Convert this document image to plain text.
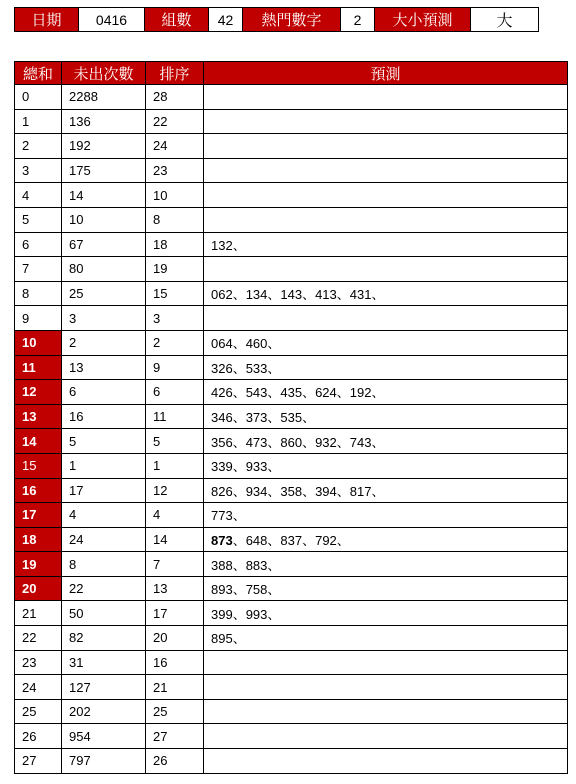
日期	0416	組數	42	熱門數字	2	大小預測	大
總和	未出次數	排序	預測
0	2288	28	
1	136	22	
2	192	24	
3	175	23	
4	14	10	
5	10	8	
6	67	18	132、
7	80	19	
8	25	15	062、134、143、413、431、
9	3	3	
10	2	2	064、460、
11	13	9	326、533、
12	6	6	426、543、435、624、192、
13	16	11	346、373、535、
14	5	5	356、473、860、932、743、
15	1	1	339、933、
16	17	12	826、934、358、394、817、
17	4	4	773、
18	24	14	873、648、837、792、
19	8	7	388、883、
20	22	13	893、758、
21	50	17	399、993、
22	82	20	895、
23	31	16	
24	127	21	
25	202	25	
26	954	27	
27	797	26	
